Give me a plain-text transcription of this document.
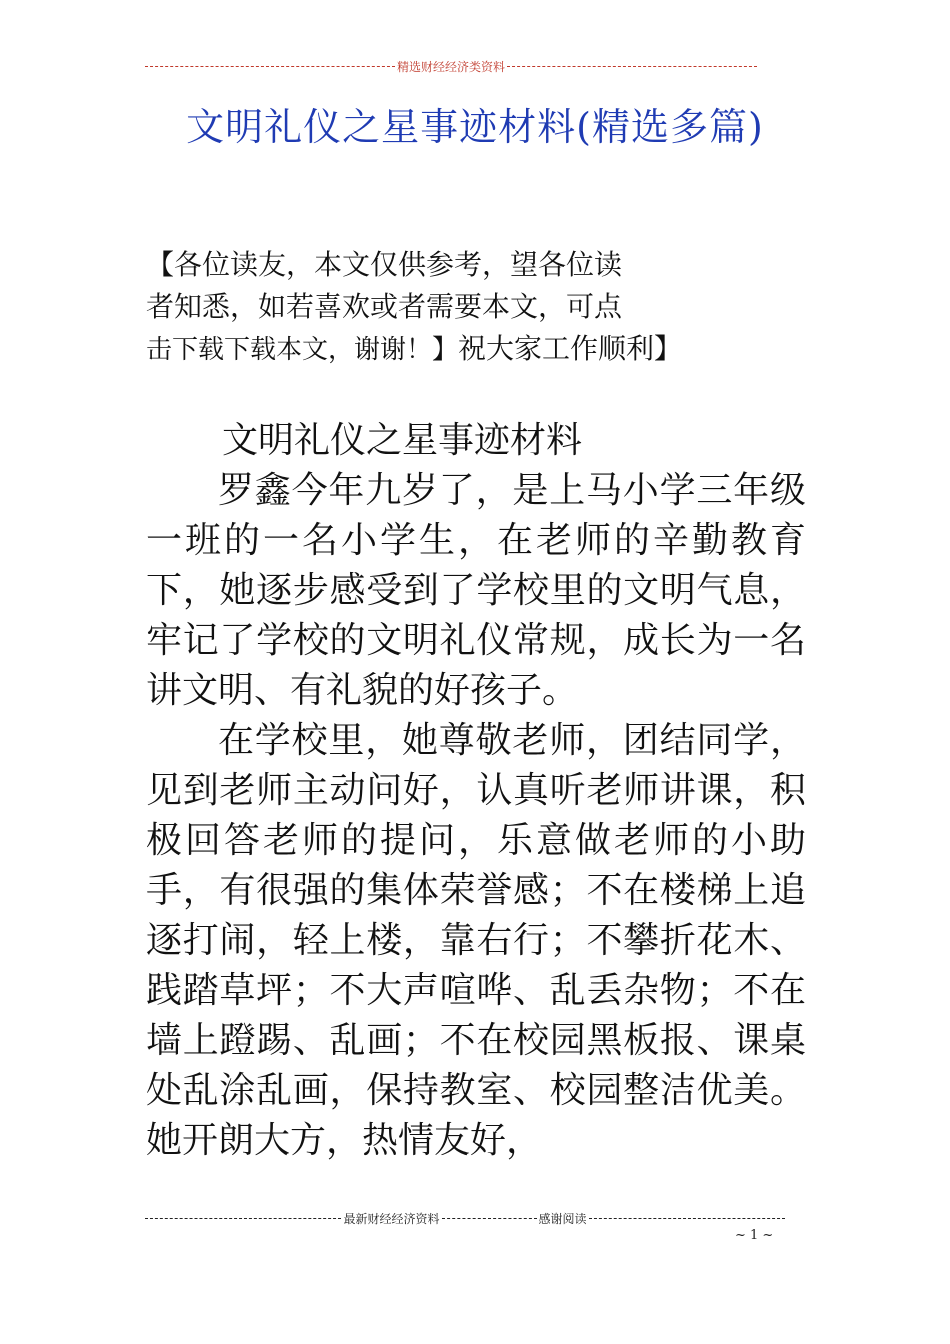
精选财经经济类资料
文明礼仪之星事迹材料(精选多篇)
【各位读友，本文仅供参考，望各位读
者知悉，如若喜欢或者需要本文，可点
击下载下载本文，谢谢！】祝大家工作顺利】

文明礼仪之星事迹材料

罗鑫今年九岁了，是上马小学三年级一班的一名小学生，在老师的辛勤教育下，她逐步感受到了学校里的文明气息，牢记了学校的文明礼仪常规，成长为一名讲文明、有礼貌的好孩子。

在学校里，她尊敬老师，团结同学，见到老师主动问好，认真听老师讲课，积极回答老师的提问，乐意做老师的小助手，有很强的集体荣誉感；不在楼梯上追逐打闹，轻上楼，靠右行；不攀折花木、践踏草坪；不大声喧哗、乱丢杂物；不在墙上蹬踢、乱画；不在校园黑板报、课桌处乱涂乱画，保持教室、校园整洁优美。她开朗大方，热情友好，

最新财经经济资料	感谢阅读
~ 1 ~
